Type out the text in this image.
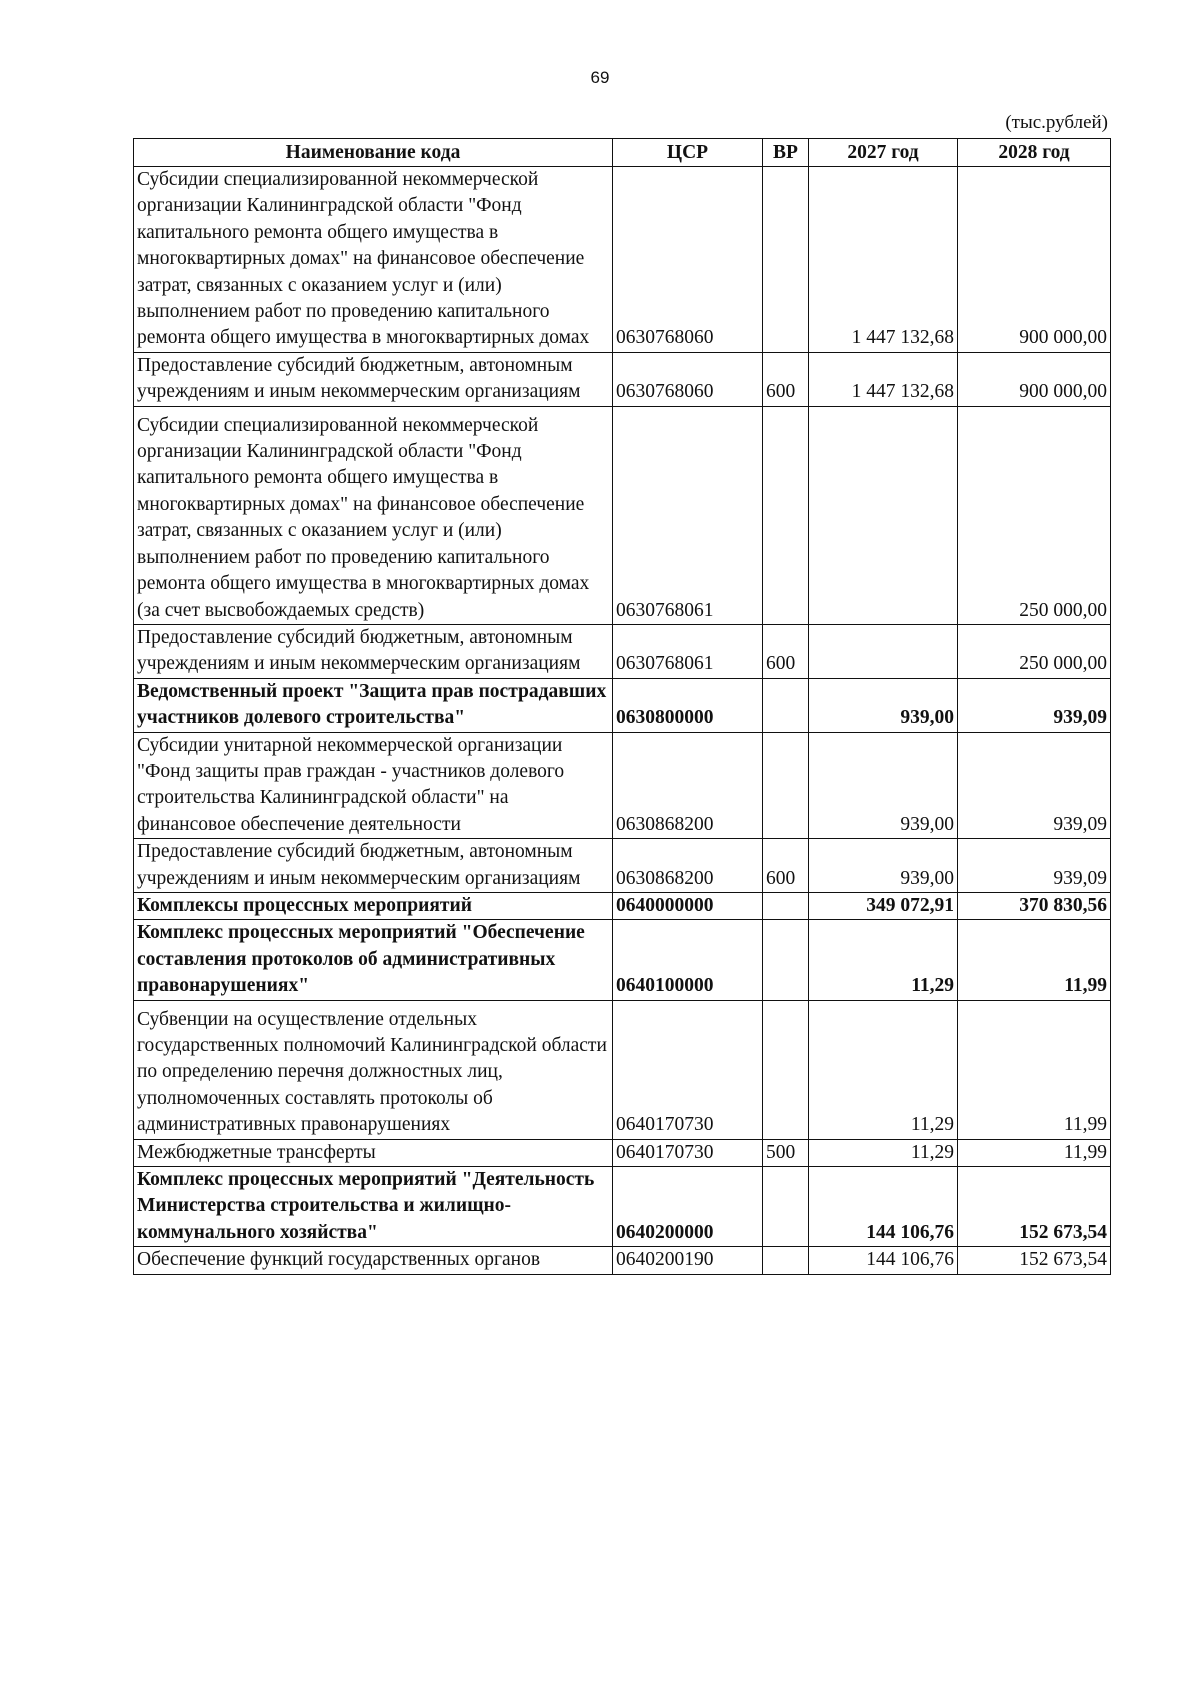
69
(тыс.рублей)
Наименование кода	ЦСР	ВР	2027 год	2028 год
Субсидии специализированной некоммерческой организации Калининградской области "Фонд капитального ремонта общего имущества в многоквартирных домах" на финансовое обеспечение затрат, связанных с оказанием услуг и (или) выполнением работ по проведению капитального ремонта общего имущества в многоквартирных домах	0630768060		1 447 132,68	900 000,00
Предоставление субсидий бюджетным, автономным учреждениям и иным некоммерческим организациям	0630768060	600	1 447 132,68	900 000,00
Субсидии специализированной некоммерческой организации Калининградской области "Фонд капитального ремонта общего имущества в многоквартирных домах" на финансовое обеспечение затрат, связанных с оказанием услуг и (или) выполнением работ по проведению капитального ремонта общего имущества в многоквартирных домах (за счет высвобождаемых средств)	0630768061			250 000,00
Предоставление субсидий бюджетным, автономным учреждениям и иным некоммерческим организациям	0630768061	600		250 000,00
Ведомственный проект "Защита прав пострадавших участников долевого строительства"	0630800000		939,00	939,09
Субсидии унитарной некоммерческой организации "Фонд защиты прав граждан - участников долевого строительства Калининградской области" на финансовое обеспечение деятельности	0630868200		939,00	939,09
Предоставление субсидий бюджетным, автономным учреждениям и иным некоммерческим организациям	0630868200	600	939,00	939,09
Комплексы процессных мероприятий	0640000000		349 072,91	370 830,56
Комплекс процессных мероприятий "Обеспечение составления протоколов об административных правонарушениях"	0640100000		11,29	11,99
Субвенции на осуществление отдельных государственных полномочий Калининградской области по определению перечня должностных лиц, уполномоченных составлять протоколы об административных правонарушениях	0640170730		11,29	11,99
Межбюджетные трансферты	0640170730	500	11,29	11,99
Комплекс процессных мероприятий "Деятельность Министерства строительства и жилищно-коммунального хозяйства"	0640200000		144 106,76	152 673,54
Обеспечение функций государственных органов	0640200190		144 106,76	152 673,54
